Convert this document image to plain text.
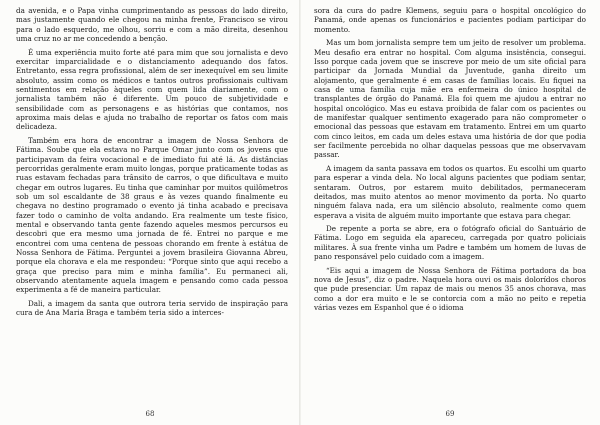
da avenida, e o Papa vinha cumprimentando as pessoas do lado direito, mas justamente quando ele chegou na minha frente, Francisco se virou para o lado esquerdo, me olhou, sorriu e com a mão direita, desenhou uma cruz no ar me concedendo a benção.

É uma experiência muito forte até para mim que sou jornalista e devo exercitar imparcialidade e o distanciamento adequando dos fatos. Entretanto, essa regra profissional, além de ser inexequível em seu limite absoluto, assim como os médicos e tantos outros profissionais cultivam sentimentos em relação àqueles com quem lida diariamente, com o jornalista também não é diferente. Um pouco de subjetividade e sensibilidade com as personagens e as histórias que contamos, nos aproxima mais delas e ajuda no trabalho de reportar os fatos com mais delicadeza.

Também era hora de encontrar a imagem de Nossa Senhora de Fátima. Soube que ela estava no Parque Omar junto com os jovens que participavam da feira vocacional e de imediato fui até lá. As distâncias percorridas geralmente eram muito longas, porque praticamente todas as ruas estavam fechadas para trânsito de carros, o que dificultava e muito chegar em outros lugares. Eu tinha que caminhar por muitos quilômetros sob um sol escaldante de 38 graus e às vezes quando finalmente eu chegava no destino programado o evento já tinha acabado e precisava fazer todo o caminho de volta andando. Era realmente um teste físico, mental e observando tanta gente fazendo aqueles mesmos percursos eu descobri que era mesmo uma jornada de fé. Entrei no parque e me encontrei com uma centena de pessoas chorando em frente à estátua de Nossa Senhora de Fátima. Perguntei a jovem brasileira Giovanna Abreu, porque ela chorava e ela me respondeu: “Porque sinto que aqui recebo a graça que preciso para mim e minha família”. Eu permaneci ali, observando atentamente aquela imagem e pensando como cada pessoa experimenta a fé de maneira particular.

Dali, a imagem da santa que outrora teria servido de inspiração para cura de Ana Maria Braga e também teria sido a interces-

68

sora da cura do padre Klemens, seguiu para o hospital oncológico do Panamá, onde apenas os funcionários e pacientes podiam participar do momento.

Mas um bom jornalista sempre tem um jeito de resolver um problema. Meu desafio era entrar no hospital. Com alguma insistência, consegui. Isso porque cada jovem que se inscreve por meio de um site oficial para participar da Jornada Mundial da Juventude, ganha direito um alojamento, que geralmente é em casas de famílias locais. Eu fiquei na casa de uma família cuja mãe era enfermeira do único hospital de transplantes de órgão do Panamá. Ela foi quem me ajudou a entrar no hospital oncológico. Mas eu estava proibida de falar com os pacientes ou de manifestar qualquer sentimento exagerado para não comprometer o emocional das pessoas que estavam em tratamento. Entrei em um quarto com cinco leitos, em cada um deles estava uma história de dor que podia ser facilmente percebida no olhar daquelas pessoas que me observavam passar.

A imagem da santa passava em todos os quartos. Eu escolhi um quarto para esperar a vinda dela. No local alguns pacientes que podiam sentar, sentaram. Outros, por estarem muito debilitados, permaneceram deitados, mas muito atentos ao menor movimento da porta. No quarto ninguém falava nada, era um silêncio absoluto, realmente como quem esperava a visita de alguém muito importante que estava para chegar.

De repente a porta se abre, era o fotógrafo oficial do Santuário de Fátima. Logo em seguida ela apareceu, carregada por quatro policiais militares. À sua frente vinha um Padre e também um homem de luvas de pano responsável pelo cuidado com a imagem.

“Eis aqui a imagem de Nossa Senhora de Fátima portadora da boa nova de Jesus”, diz o padre. Naquela hora ouvi os mais dolorídos choros que pude presenciar. Um rapaz de mais ou menos 35 anos chorava, mas como a dor era muito e le se contorcia com a mão no peito e repetia várias vezes em Espanhol que é o idioma

69
